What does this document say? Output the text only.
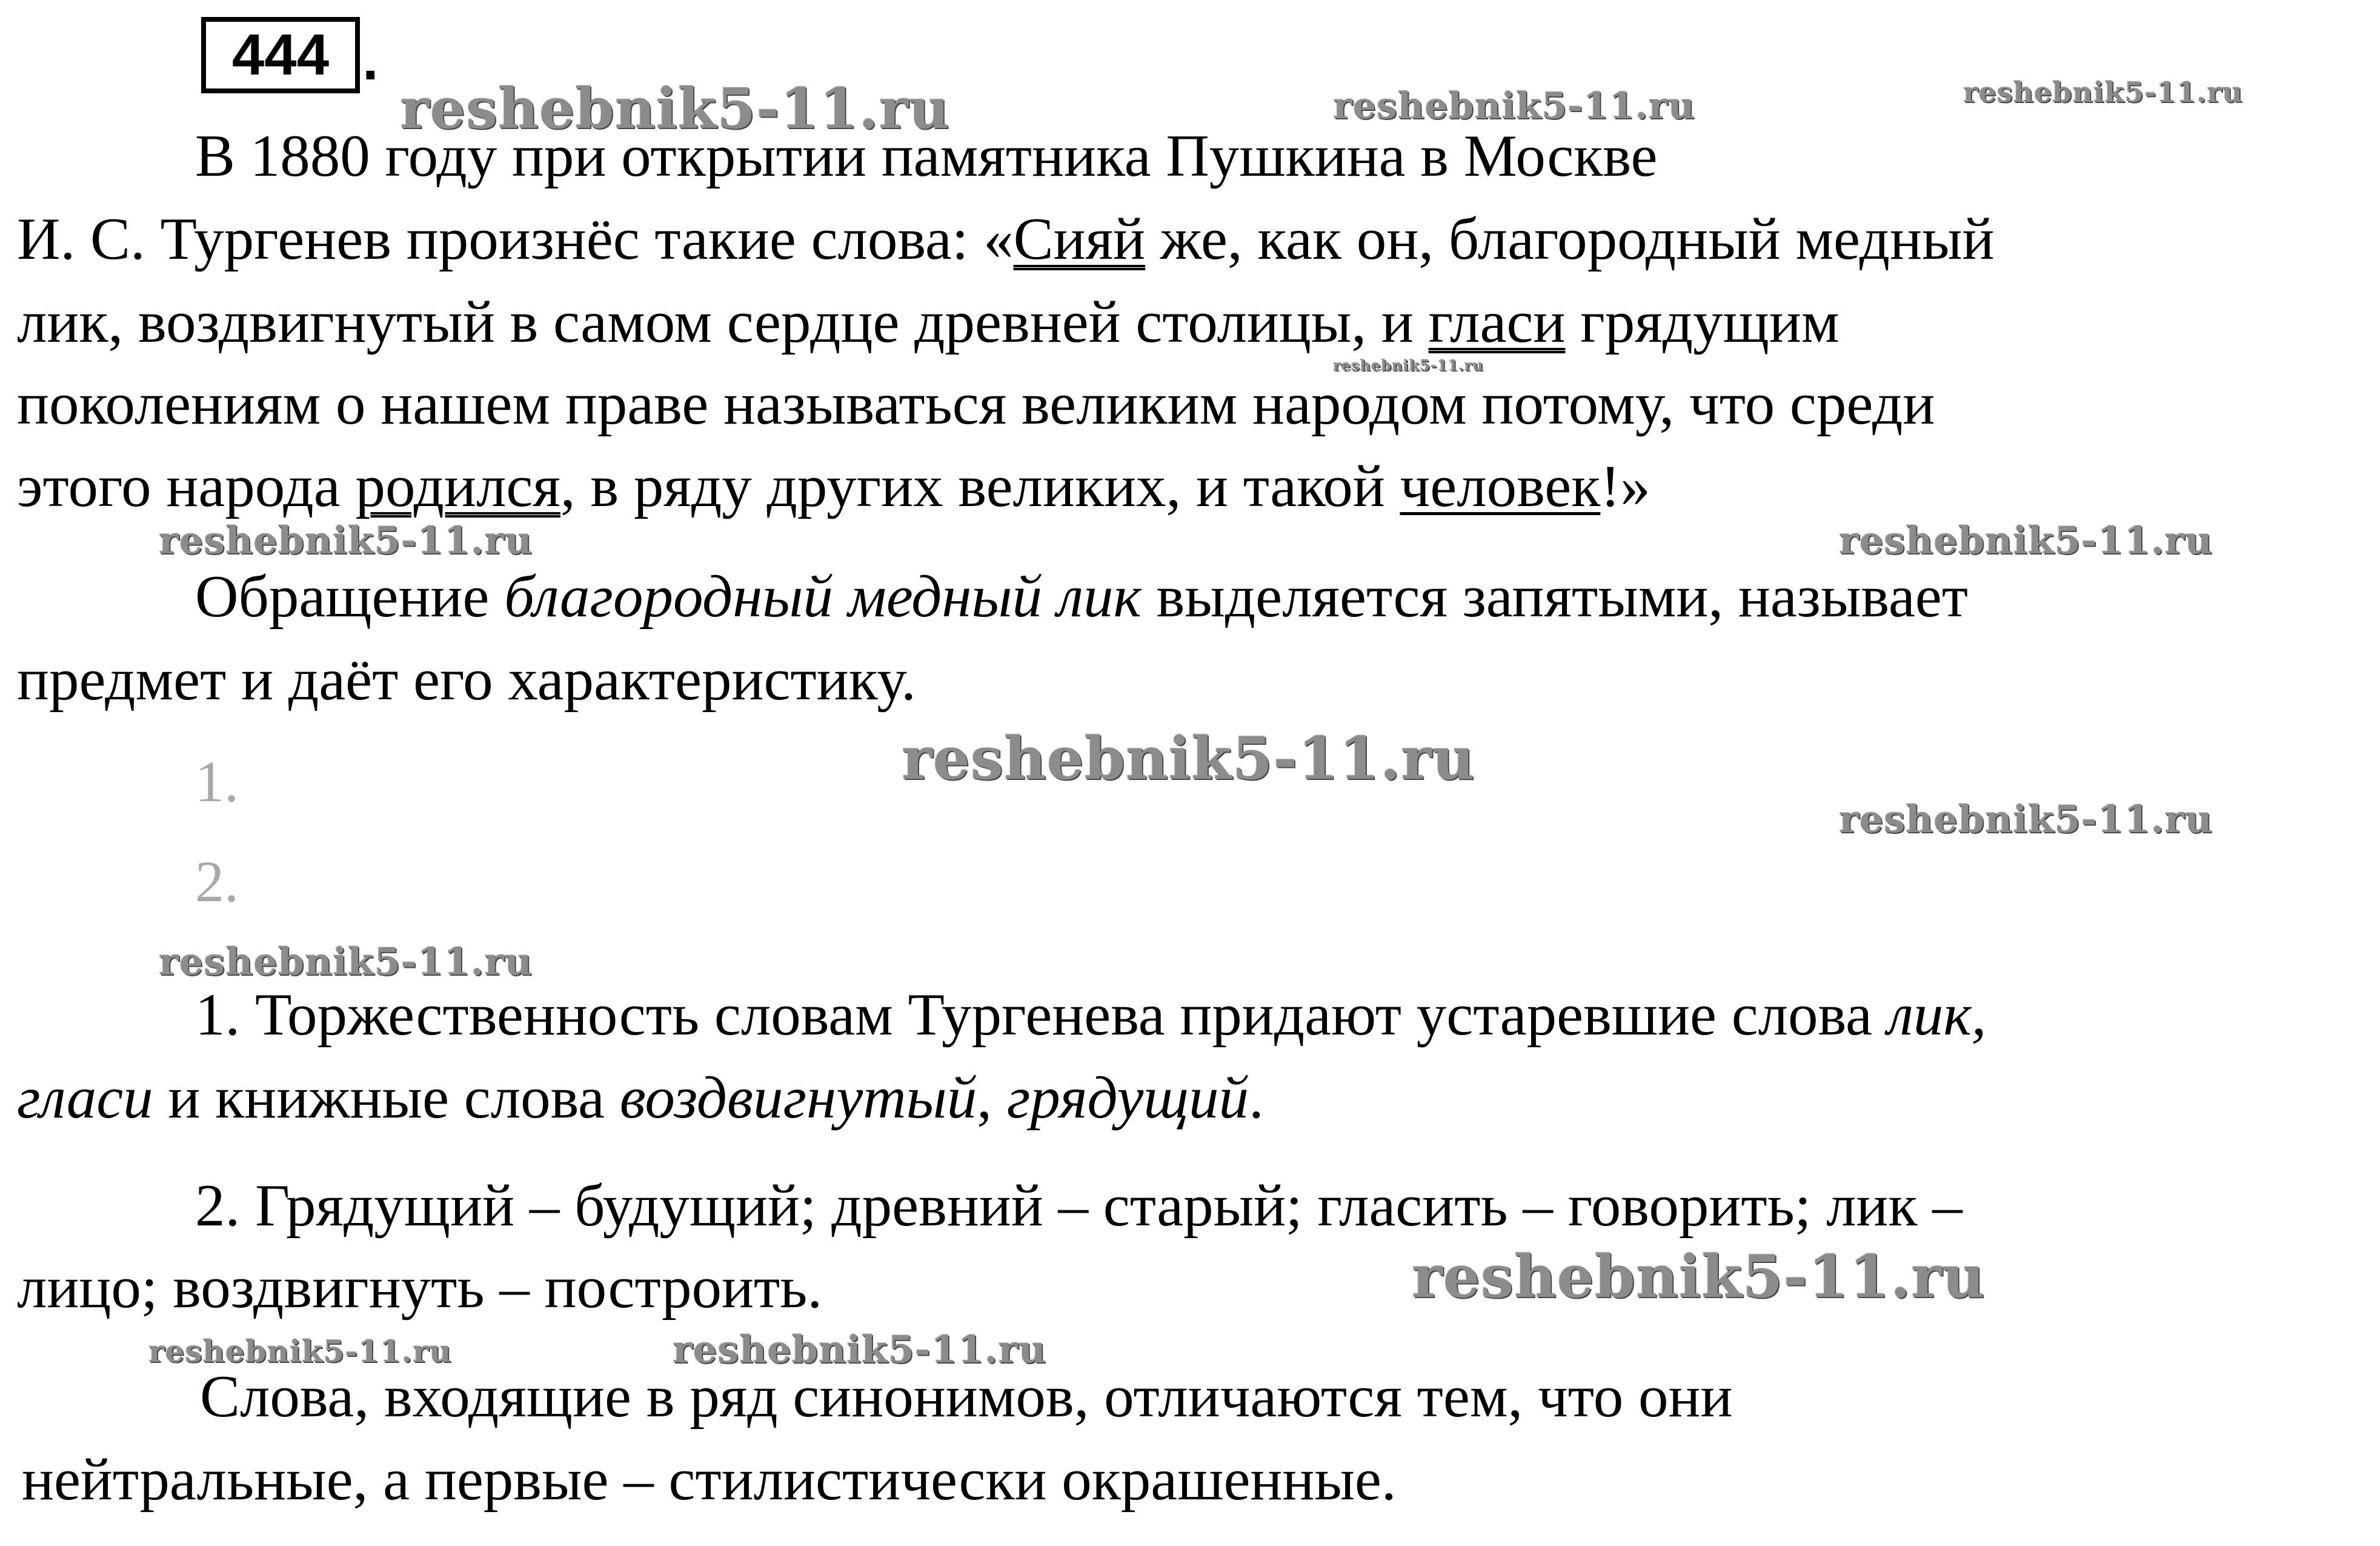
444 .
В 1880 году при открытии памятника Пушкина в Москве
И. С. Тургенев произнёс такие слова: «Сияй же, как он, благородный медный
лик, воздвигнутый в самом сердце древней столицы, и гласи грядущим
поколениям о нашем праве называться великим народом потому, что среди
этого народа родился, в ряду других великих, и такой человек!»
Обращение благородный медный лик выделяется запятыми, называет
предмет и даёт его характеристику.
1.
2.
1. Торжественность словам Тургенева придают устаревшие слова лик,
гласи и книжные слова воздвигнутый, грядущий.
2. Грядущий – будущий; древний – старый; гласить – говорить; лик –
лицо; воздвигнуть – построить.
Слова, входящие в ряд синонимов, отличаются тем, что они
нейтральные, а первые – стилистически окрашенные.
reshebnik5-11.ru	reshebnik5-11.ru	reshebnik5-11.ru
reshebnik5-11.ru
reshebnik5-11.ru	reshebnik5-11.ru
reshebnik5-11.ru
reshebnik5-11.ru
reshebnik5-11.ru
reshebnik5-11.ru
reshebnik5-11.ru	reshebnik5-11.ru
